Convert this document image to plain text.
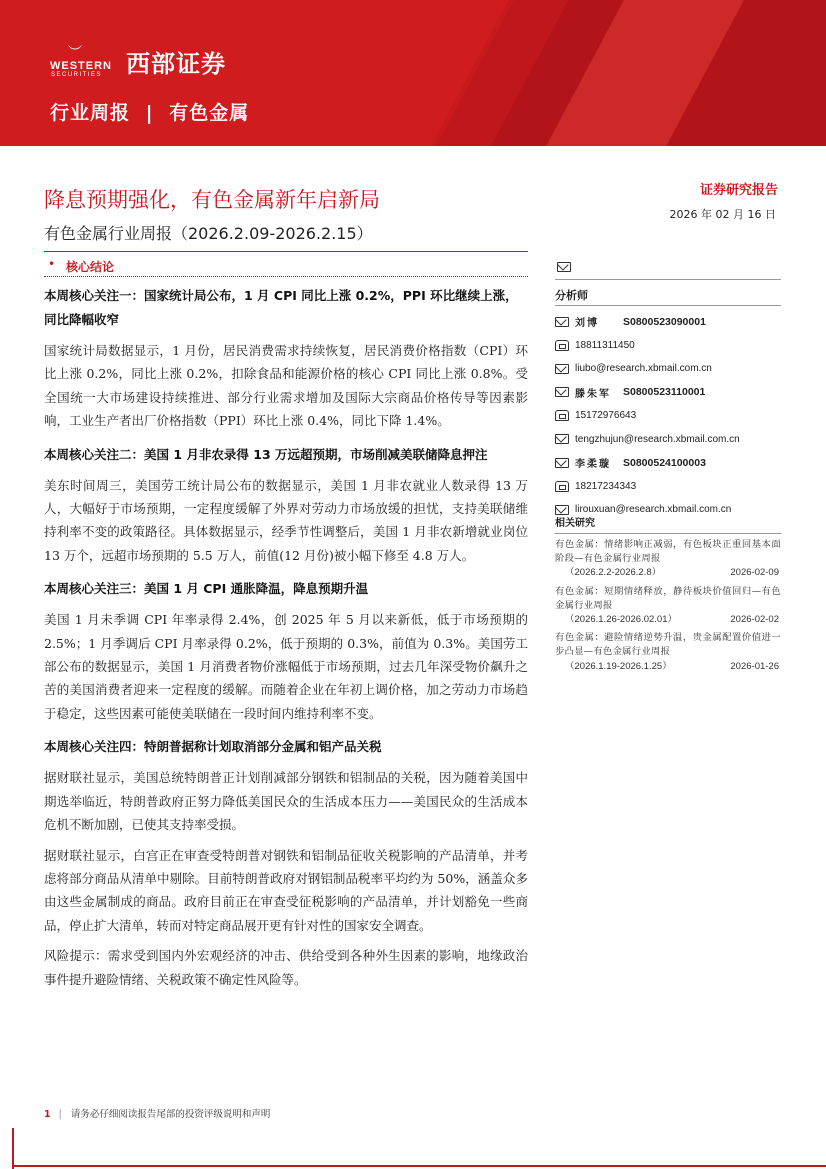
︶
WESTERN
SECURITIES 西部证券
行业周报 | 有色金属
降息预期强化，有色金属新年启新局
有色金属行业周报（2026.2.09-2026.2.15）
证券研究报告
2026 年 02 月 16 日
• 核心结论
本周核心关注一：国家统计局公布，1 月 CPI 同比上涨 0.2%，PPI 环比继续上涨，同比降幅收窄

国家统计局数据显示，1 月份，居民消费需求持续恢复，居民消费价格指数（CPI）环比上涨 0.2%，同比上涨 0.2%，扣除食品和能源价格的核心 CPI 同比上涨 0.8%。受全国统一大市场建设持续推进、部分行业需求增加及国际大宗商品价格传导等因素影响，工业生产者出厂价格指数（PPI）环比上涨 0.4%，同比下降 1.4%。

本周核心关注二：美国 1 月非农录得 13 万远超预期，市场削减美联储降息押注

美东时间周三，美国劳工统计局公布的数据显示，美国 1 月非农就业人数录得 13 万人，大幅好于市场预期，一定程度缓解了外界对劳动力市场放缓的担忧，支持美联储维持利率不变的政策路径。具体数据显示，经季节性调整后，美国 1 月非农新增就业岗位 13 万个，远超市场预期的 5.5 万人，前值(12 月份)被小幅下修至 4.8 万人。

本周核心关注三：美国 1 月 CPI 通胀降温，降息预期升温

美国 1 月未季调 CPI 年率录得 2.4%，创 2025 年 5 月以来新低，低于市场预期的 2.5%；1 月季调后 CPI 月率录得 0.2%，低于预期的 0.3%，前值为 0.3%。美国劳工部公布的数据显示，美国 1 月消费者物价涨幅低于市场预期，过去几年深受物价飙升之苦的美国消费者迎来一定程度的缓解。而随着企业在年初上调价格，加之劳动力市场趋于稳定，这些因素可能使美联储在一段时间内维持利率不变。

本周核心关注四：特朗普据称计划取消部分金属和铝产品关税

据财联社显示，美国总统特朗普正计划削减部分钢铁和铝制品的关税，因为随着美国中期选举临近，特朗普政府正努力降低美国民众的生活成本压力——美国民众的生活成本危机不断加剧，已使其支持率受损。

据财联社显示，白宫正在审查受特朗普对钢铁和铝制品征收关税影响的产品清单，并考虑将部分商品从清单中剔除。目前特朗普政府对钢铝制品税率平均约为 50%，涵盖众多由这些金属制成的商品。政府目前正在审查受征税影响的产品清单，并计划豁免一些商品，停止扩大清单，转而对特定商品展开更有针对性的国家安全调查。

风险提示：需求受到国内外宏观经济的冲击、供给受到各种外生因素的影响，地缘政治事件提升避险情绪、关税政策不确定性风险等。

分析师
刘博	S0800523090001
18811311450
liubo@research.xbmail.com.cn
滕朱军	S0800523110001
15172976643
tengzhujun@research.xbmail.com.cn
李柔璇	S0800524100003
18217234343
lirouxuan@research.xbmail.com.cn
相关研究
有色金属：情绪影响正减弱，有色板块正重回基本面阶段—有色金属行业周报
（2026.2.2-2026.2.8）	2026-02-09
有色金属：短期情绪释放，静待板块价值回归—有色金属行业周报
（2026.1.26-2026.02.01）	2026-02-02
有色金属：避险情绪逆势升温，贵金属配置价值进一步凸显—有色金属行业周报
（2026.1.19-2026.1.25）	2026-01-26
1 | 请务必仔细阅读报告尾部的投资评级说明和声明
